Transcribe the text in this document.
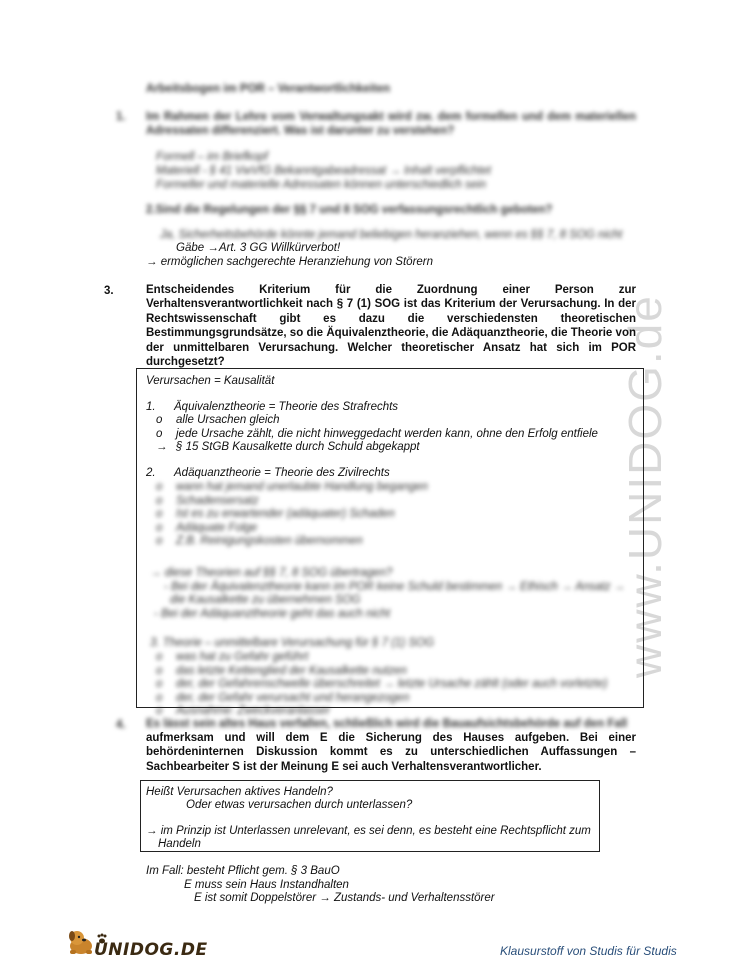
www.UNIDOG.de
Arbeitsbogen im POR – Verantwortlichkeiten
1. Im Rahmen der Lehre vom Verwaltungsakt wird zw. dem formellen und dem materiellen Adressaten differenziert. Was ist darunter zu verstehen?
Formell – im Briefkopf
Materiell - § 41 VwVfG Bekanntgabeadressat → Inhalt verpflichtet
Formeller und materielle Adressaten können unterschiedlich sein
2.Sind die Regelungen der §§ 7 und 8 SOG verfassungsrechtlich geboten?
Ja, Sicherheitsbehörde könnte jemand beliebigen heranziehen, wenn es §§ 7, 8 SOG nicht
Gäbe →Art. 3 GG Willkürverbot!
→ ermöglichen sachgerechte Heranziehung von Störern
3.	Entscheidendes Kriterium für die Zuordnung einer Person zur Verhaltensverantwortlichkeit nach § 7 (1) SOG ist das Kriterium der Verursachung. In der Rechtswissenschaft gibt es dazu die verschiedensten theoretischen Bestimmungsgrundsätze, so die Äquivalenztheorie, die Adäquanztheorie, die Theorie von der unmittelbaren Verursachung. Welcher theoretischer Ansatz hat sich im POR durchgesetzt?
Verursachen = Kausalität
1. Äquivalenztheorie = Theorie des Strafrechts
o alle Ursachen gleich
o jede Ursache zählt, die nicht hinweggedacht werden kann, ohne den Erfolg entfiele
→ § 15 StGB Kausalkette durch Schuld abgekappt
2. Adäquanztheorie = Theorie des Zivilrechts
o wann hat jemand unerlaubte Handlung begangen
o Schadensersatz
o Ist es zu erwartender (adäquater) Schaden
o Adäquate Folge
o Z.B. Reinigungskosten übernommen
→ diese Theorien auf §§ 7, 8 SOG übertragen?
- Bei der Äquivalenztheorie kann im POR keine Schuld bestimmen → Ethisch → Ansatz →
die Kausalkette zu übernehmen SOG
- Bei der Adäquanztheorie geht das auch nicht
3. Theorie – unmittelbare Verursachung für § 7 (1) SOG
o was hat zu Gefahr geführt
o das letzte Kettenglied der Kausalkette nutzen
o der, der Gefahrenschwelle überschreitet → letzte Ursache zählt (oder auch vorletzte)
o der, der Gefahr verursacht und herangezogen
o Ausnahme: Zweckveranlasser
4. Es lässt sein altes Haus verfallen, schließlich wird die Bauaufsichtsbehörde auf den Fall
aufmerksam und will dem E die Sicherung des Hauses aufgeben. Bei einer behördeninternen Diskussion kommt es zu unterschiedlichen Auffassungen – Sachbearbeiter S ist der Meinung E sei auch Verhaltensverantwortlicher.
Heißt Verursachen aktives Handeln?
Oder etwas verursachen durch unterlassen?
→ im Prinzip ist Unterlassen unrelevant, es sei denn, es besteht eine Rechtspflicht zum
Handeln
Im Fall: besteht Pflicht gem. § 3 BauO
E muss sein Haus Instandhalten
E ist somit Doppelstörer → Zustands- und Verhaltensstörer
UNIDOG.DE	Klausurstoff von Studis für Studis
